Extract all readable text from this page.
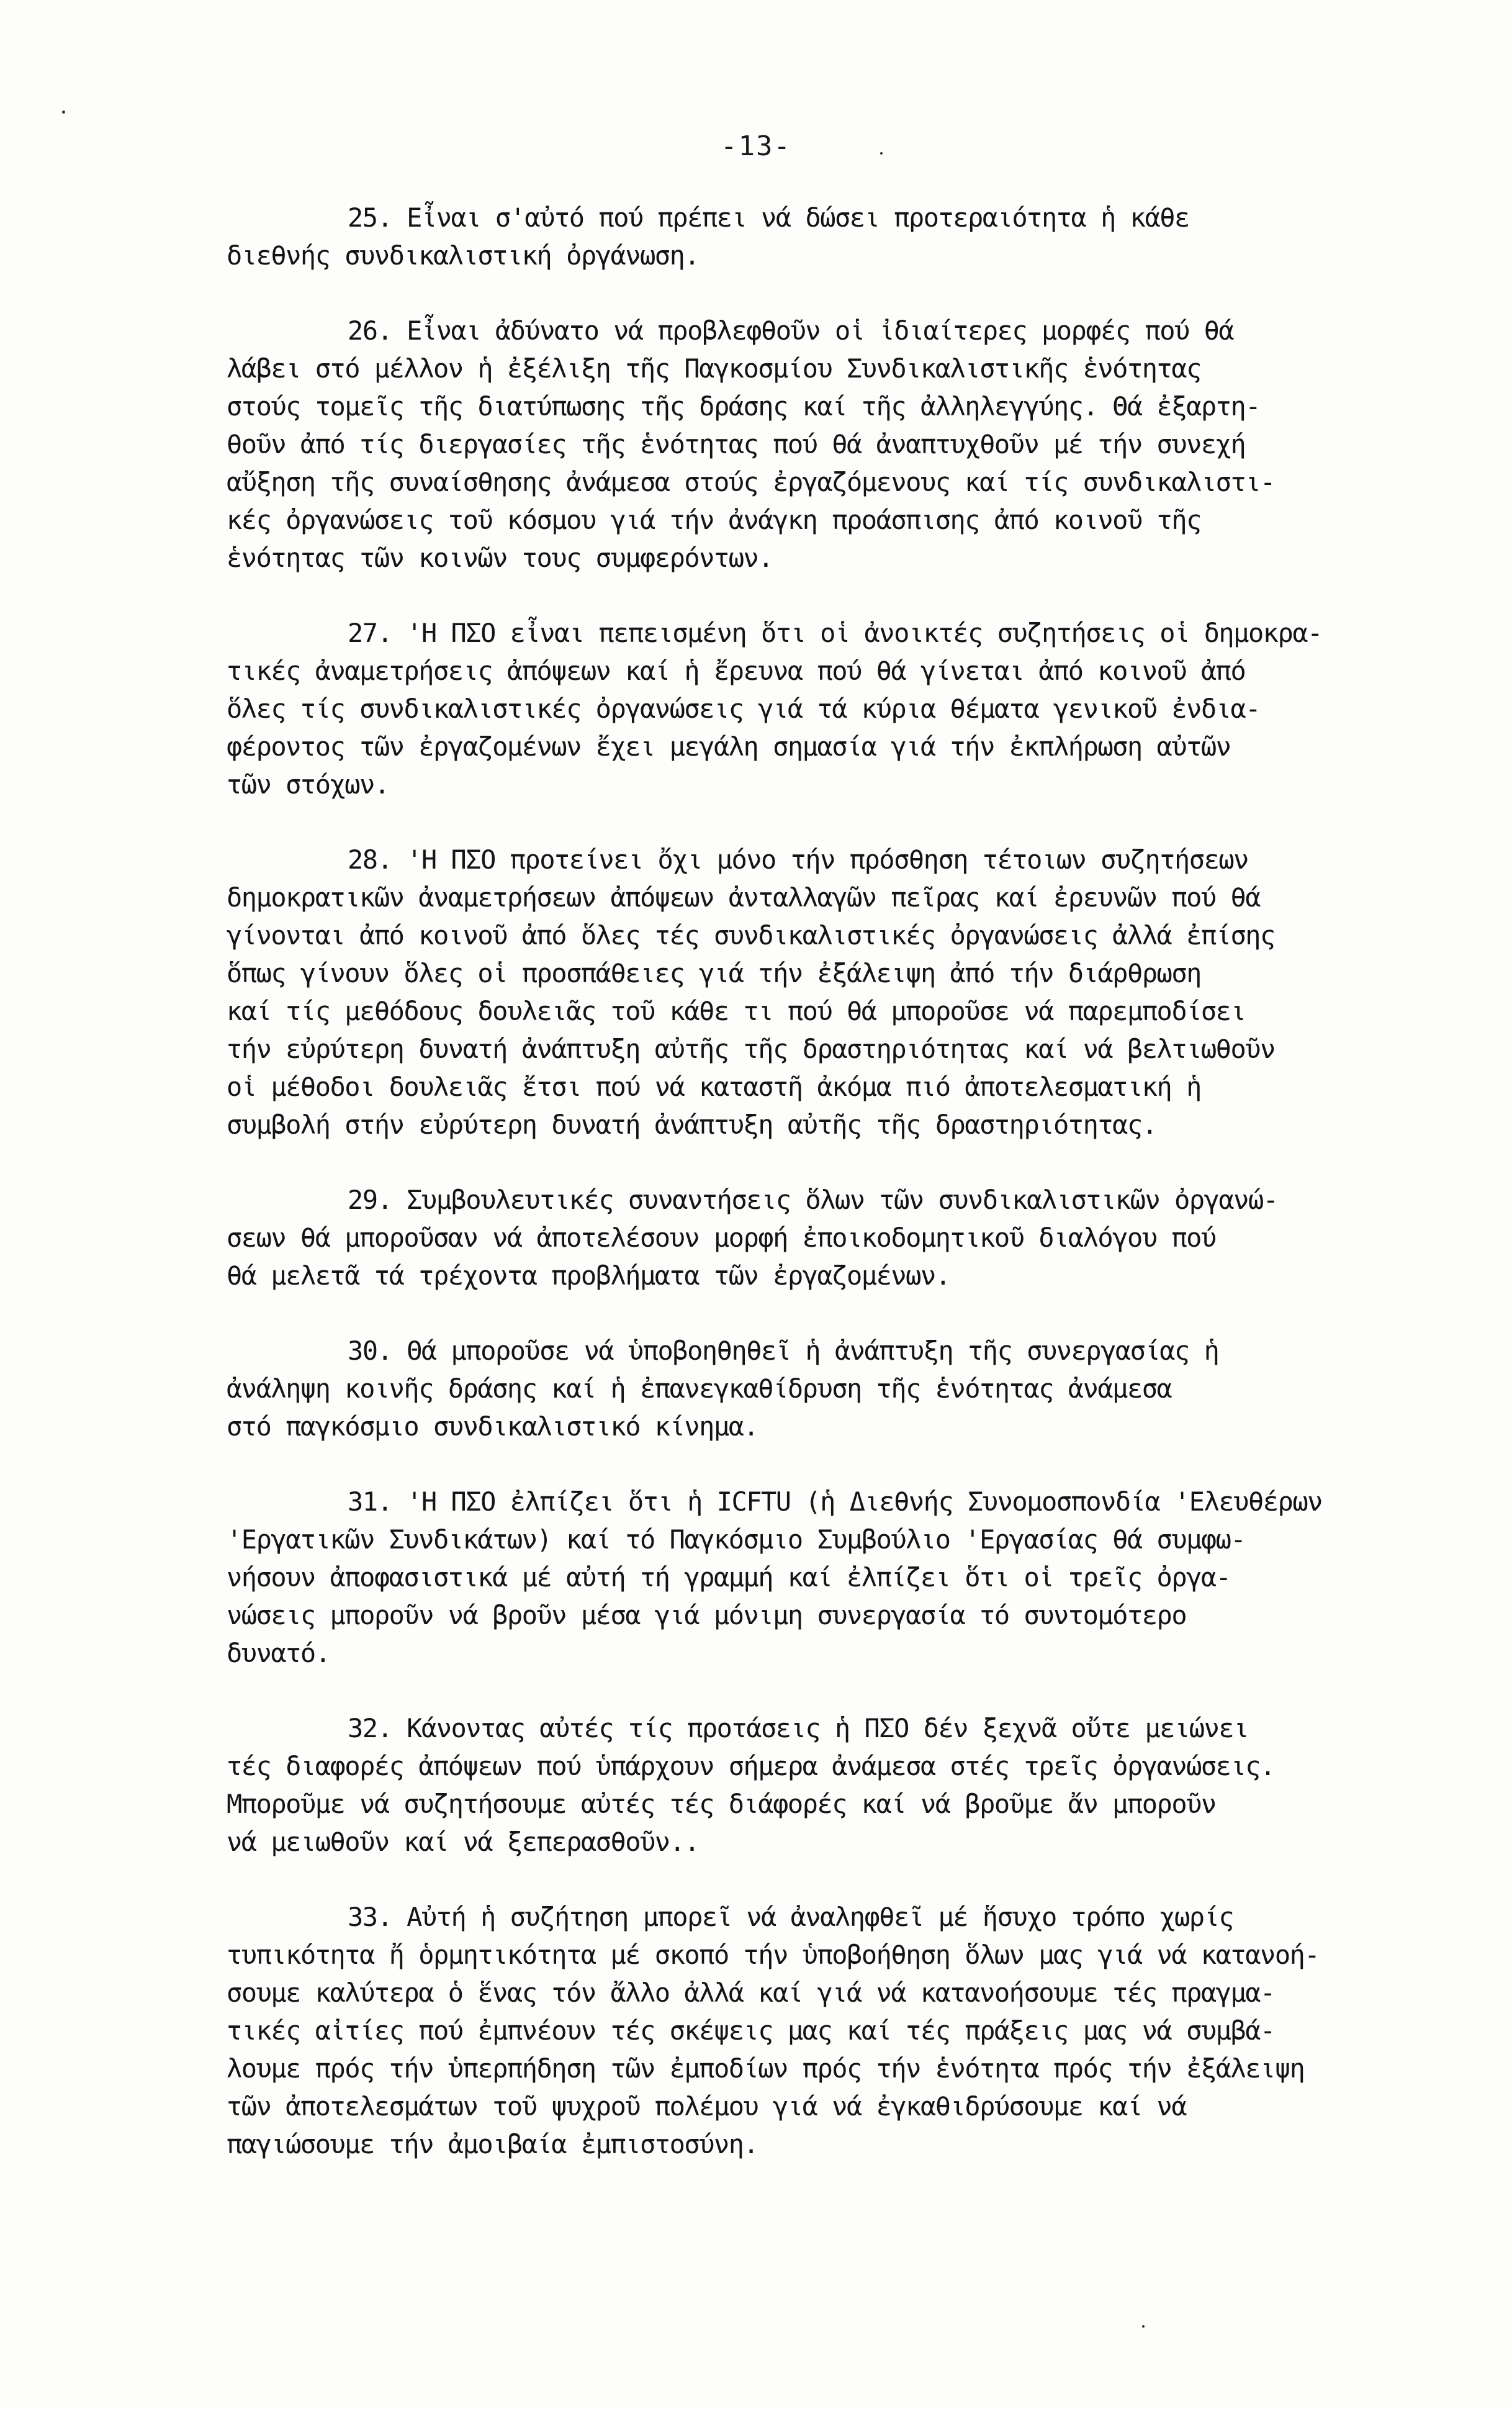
-13-
25. Εἶναι σ'αὐτό πού πρέπει νά δώσει προτεραιότητα ἡ κάθε
διεθνής συνδικαλιστική ὀργάνωση.
26. Εἶναι ἀδύνατο νά προβλεφθοῦν οἱ ἰδιαίτερες μορφές πού θά
λάβει στό μέλλον ἡ ἐξέλιξη τῆς Παγκοσμίου Συνδικαλιστικῆς ἑνότητας
στούς τομεῖς τῆς διατύπωσης τῆς δράσης καί τῆς ἀλληλεγγύης. Θά ἐξαρτη-
θοῦν ἀπό τίς διεργασίες τῆς ἑνότητας πού θά ἀναπτυχθοῦν μέ τήν συνεχή
αὔξηση τῆς συναίσθησης ἀνάμεσα στούς ἐργαζόμενους καί τίς συνδικαλιστι-
κές ὀργανώσεις τοῦ κόσμου γιά τήν ἀνάγκη προάσπισης ἀπό κοινοῦ τῆς
ἑνότητας τῶν κοινῶν τους συμφερόντων.
27. 'Η ΠΣΟ εἶναι πεπεισμένη ὅτι οἱ ἀνοικτές συζητήσεις οἱ δημοκρα-
τικές ἀναμετρήσεις ἀπόψεων καί ἡ ἔρευνα πού θά γίνεται ἀπό κοινοῦ ἀπό
ὅλες τίς συνδικαλιστικές ὀργανώσεις γιά τά κύρια θέματα γενικοῦ ἐνδια-
φέροντος τῶν ἐργαζομένων ἔχει μεγάλη σημασία γιά τήν ἐκπλήρωση αὐτῶν
τῶν στόχων.
28. 'Η ΠΣΟ προτείνει ὄχι μόνο τήν πρόσθηση τέτοιων συζητήσεων
δημοκρατικῶν ἀναμετρήσεων ἀπόψεων ἀνταλλαγῶν πεῖρας καί ἐρευνῶν πού θά
γίνονται ἀπό κοινοῦ ἀπό ὅλες τές συνδικαλιστικές ὀργανώσεις ἀλλά ἐπίσης
ὅπως γίνουν ὅλες οἱ προσπάθειες γιά τήν ἐξάλειψη ἀπό τήν διάρθρωση
καί τίς μεθόδους δουλειᾶς τοῦ κάθε τι πού θά μποροῦσε νά παρεμποδίσει
τήν εὐρύτερη δυνατή ἀνάπτυξη αὐτῆς τῆς δραστηριότητας καί νά βελτιωθοῦν
οἱ μέθοδοι δουλειᾶς ἔτσι πού νά καταστῆ ἀκόμα πιό ἀποτελεσματική ἡ
συμβολή στήν εὐρύτερη δυνατή ἀνάπτυξη αὐτῆς τῆς δραστηριότητας.
29. Συμβουλευτικές συναντήσεις ὅλων τῶν συνδικαλιστικῶν ὀργανώ-
σεων θά μποροῦσαν νά ἀποτελέσουν μορφή ἐποικοδομητικοῦ διαλόγου πού
θά μελετᾶ τά τρέχοντα προβλήματα τῶν ἐργαζομένων.
30. Θά μποροῦσε νά ὑποβοηθηθεῖ ἡ ἀνάπτυξη τῆς συνεργασίας ἡ
ἀνάληψη κοινῆς δράσης καί ἡ ἐπανεγκαθίδρυση τῆς ἑνότητας ἀνάμεσα
στό παγκόσμιο συνδικαλιστικό κίνημα.
31. 'Η ΠΣΟ ἐλπίζει ὅτι ἡ ICFTU (ἡ Διεθνής Συνομοσπονδία 'Ελευθέρων
'Εργατικῶν Συνδικάτων) καί τό Παγκόσμιο Συμβούλιο 'Εργασίας θά συμφω-
νήσουν ἀποφασιστικά μέ αὐτή τή γραμμή καί ἐλπίζει ὅτι οἱ τρεῖς ὀργα-
νώσεις μποροῦν νά βροῦν μέσα γιά μόνιμη συνεργασία τό συντομότερο
δυνατό.
32. Κάνοντας αὐτές τίς προτάσεις ἡ ΠΣΟ δέν ξεχνᾶ οὔτε μειώνει
τές διαφορές ἀπόψεων πού ὑπάρχουν σήμερα ἀνάμεσα στές τρεῖς ὀργανώσεις.
Μποροῦμε νά συζητήσουμε αὐτές τές διάφορές καί νά βροῦμε ἄν μποροῦν
νά μειωθοῦν καί νά ξεπερασθοῦν..
33. Αὐτή ἡ συζήτηση μπορεῖ νά ἀναληφθεῖ μέ ἥσυχο τρόπο χωρίς
τυπικότητα ἤ ὁρμητικότητα μέ σκοπό τήν ὑποβοήθηση ὅλων μας γιά νά κατανοή-
σουμε καλύτερα ὁ ἕνας τόν ἄλλο ἀλλά καί γιά νά κατανοήσουμε τές πραγμα-
τικές αἰτίες πού ἐμπνέουν τές σκέψεις μας καί τές πράξεις μας νά συμβά-
λουμε πρός τήν ὑπερπήδηση τῶν ἐμποδίων πρός τήν ἑνότητα πρός τήν ἐξάλειψη
τῶν ἀποτελεσμάτων τοῦ ψυχροῦ πολέμου γιά νά ἐγκαθιδρύσουμε καί νά
παγιώσουμε τήν ἀμοιβαία ἐμπιστοσύνη.
